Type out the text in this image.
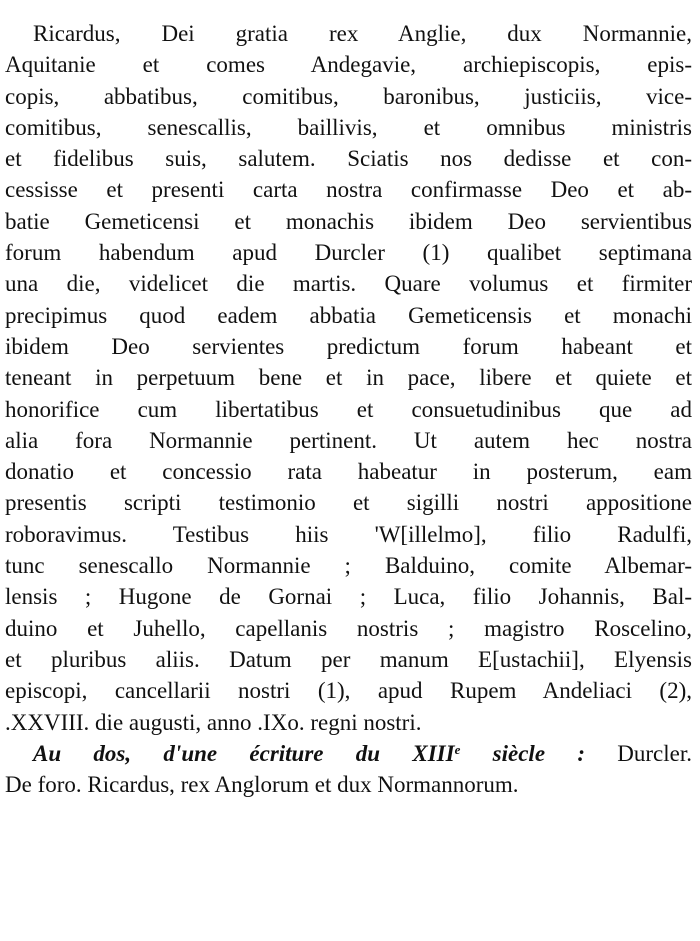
Ricardus, Dei gratia rex Anglie, dux Normannie,
Aquitanie et comes Andegavie, archiepiscopis, epis-
copis, abbatibus, comitibus, baronibus, justiciis, vice-
comitibus, senescallis, baillivis, et omnibus ministris
et fidelibus suis, salutem. Sciatis nos dedisse et con-
cessisse et presenti carta nostra confirmasse Deo et ab-
batie Gemeticensi et monachis ibidem Deo servientibus
forum habendum apud Durcler (1) qualibet septimana
una die, videlicet die martis. Quare volumus et firmiter
precipimus quod eadem abbatia Gemeticensis et monachi
ibidem Deo servientes predictum forum habeant et
teneant in perpetuum bene et in pace, libere et quiete et
honorifice cum libertatibus et consuetudinibus que ad
alia fora Normannie pertinent. Ut autem hec nostra
donatio et concessio rata habeatur in posterum, eam
presentis scripti testimonio et sigilli nostri appositione
roboravimus. Testibus hiis 'W[illelmo], filio Radulfi,
tunc senescallo Normannie ; Balduino, comite Albemar-
lensis ; Hugone de Gornai ; Luca, filio Johannis, Bal-
duino et Juhello, capellanis nostris ; magistro Roscelino,
et pluribus aliis. Datum per manum E[ustachii], Elyensis
episcopi, cancellarii nostri (1), apud Rupem Andeliaci (2),
.XXVIII. die augusti, anno .IXo. regni nostri.
Au dos, d'une écriture du XIIIe siècle : Durcler.
De foro. Ricardus, rex Anglorum et dux Normannorum.
